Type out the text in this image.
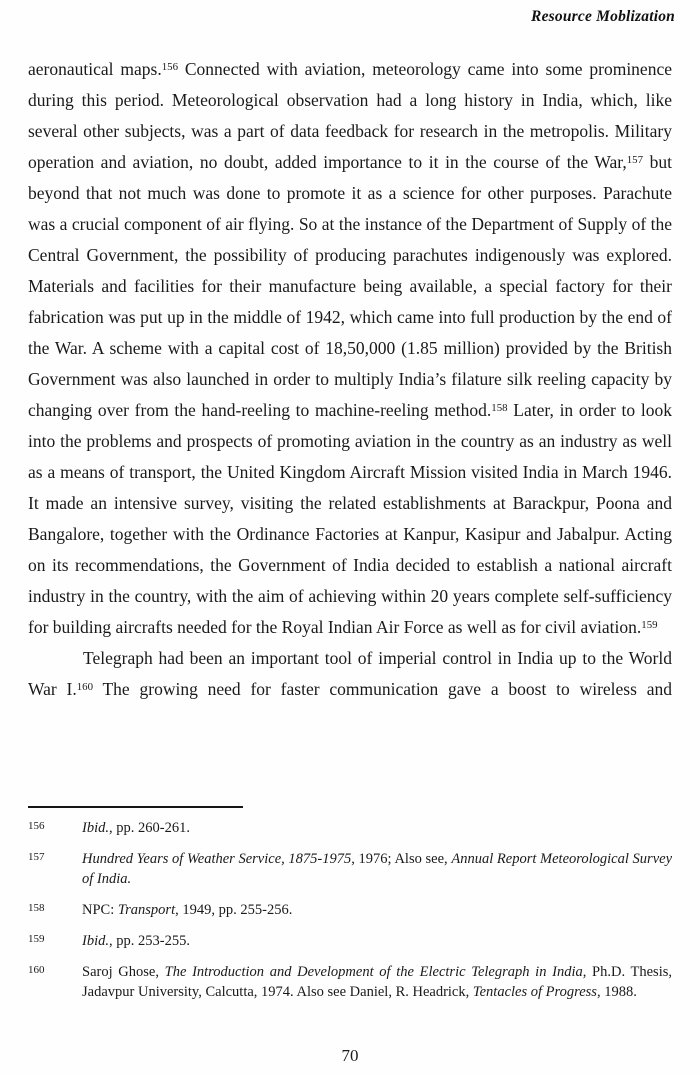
Resource Moblization

aeronautical maps.$^{156}$ Connected with aviation, meteorology came into some prominence during this period. Meteorological observation had a long history in India, which, like several other subjects, was a part of data feedback for research in the metropolis. Military operation and aviation, no doubt, added importance to it in the course of the War,$^{157}$ but beyond that not much was done to promote it as a science for other purposes. Parachute was a crucial component of air flying. So at the instance of the Department of Supply of the Central Government, the possibility of producing parachutes indigenously was explored. Materials and facilities for their manufacture being available, a special factory for their fabrication was put up in the middle of 1942, which came into full production by the end of the War. A scheme with a capital cost of 18,50,000 (1.85 million) provided by the British Government was also launched in order to multiply India’s filature silk reeling capacity by changing over from the hand-reeling to machine-reeling method.$^{158}$ Later, in order to look into the problems and prospects of promoting aviation in the country as an industry as well as a means of transport, the United Kingdom Aircraft Mission visited India in March 1946. It made an intensive survey, visiting the related establishments at Barackpur, Poona and Bangalore, together with the Ordinance Factories at Kanpur, Kasipur and Jabalpur. Acting on its recommendations, the Government of India decided to establish a national aircraft industry in the country, with the aim of achieving within 20 years complete self-sufficiency for building aircrafts needed for the Royal Indian Air Force as well as for civil aviation.$^{159}$

Telegraph had been an important tool of imperial control in India up to the World War I.$^{160}$ The growing need for faster communication gave a boost to wireless and

156	Ibid., pp. 260-261.
157	Hundred Years of Weather Service, 1875-1975, 1976; Also see, Annual Report Meteorological Survey of India.
158	NPC: Transport, 1949, pp. 255-256.
159	Ibid., pp. 253-255.
160	Saroj Ghose, The Introduction and Development of the Electric Telegraph in India, Ph.D. Thesis, Jadavpur University, Calcutta, 1974. Also see Daniel, R. Headrick, Tentacles of Progress, 1988.
70
